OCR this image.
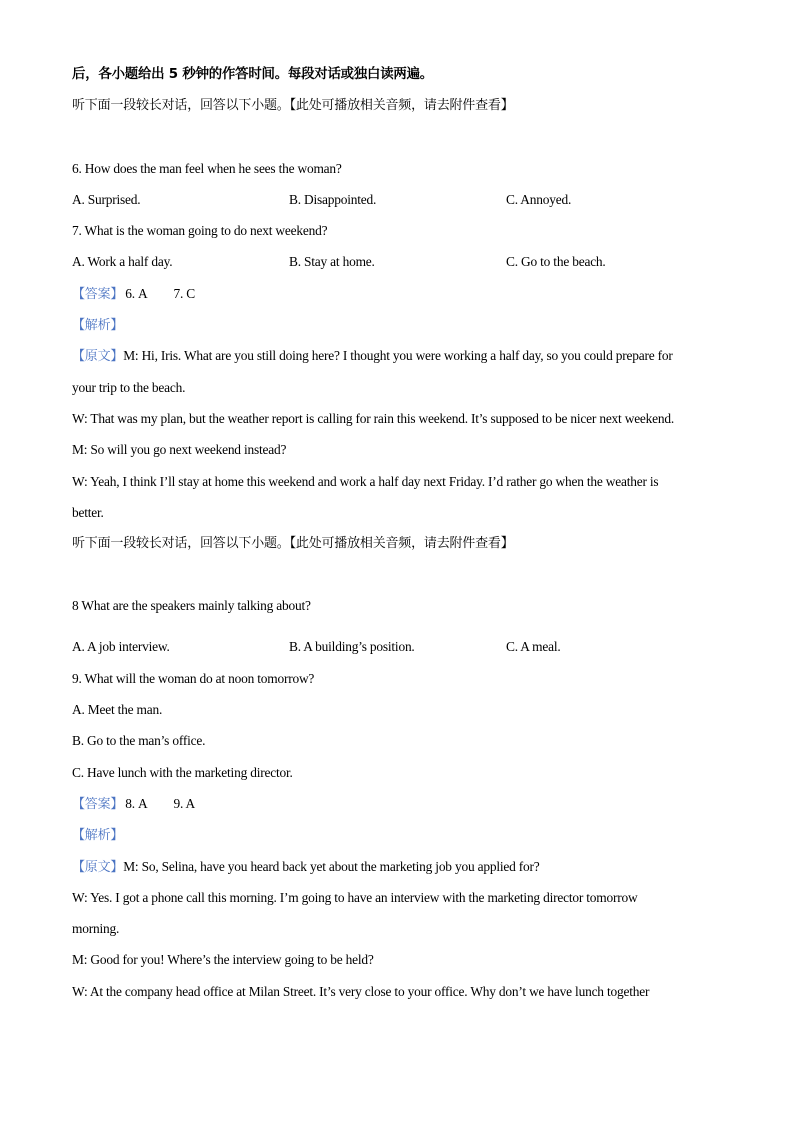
后，各小题给出 5 秒钟的作答时间。每段对话或独白读两遍。
听下面一段较长对话，回答以下小题。【此处可播放相关音频，请去附件查看】
6. How does the man feel when he sees the woman?
A. Surprised.	B. Disappointed.	C. Annoyed.
7. What is the woman going to do next weekend?
A. Work a half day.	B. Stay at home.	C. Go to the beach.
【答案】 6. A 7. C
【解析】
【原文】M: Hi, Iris. What are you still doing here? I thought you were working a half day, so you could prepare for
your trip to the beach.
W: That was my plan, but the weather report is calling for rain this weekend. It’s supposed to be nicer next weekend.
M: So will you go next weekend instead?
W: Yeah, I think I’ll stay at home this weekend and work a half day next Friday. I’d rather go when the weather is
better.
听下面一段较长对话，回答以下小题。【此处可播放相关音频，请去附件查看】
8 What are the speakers mainly talking about?
A. A job interview.	B. A building’s position.	C. A meal.
9. What will the woman do at noon tomorrow?
A. Meet the man.
B. Go to the man’s office.
C. Have lunch with the marketing director.
【答案】 8. A 9. A
【解析】
【原文】M: So, Selina, have you heard back yet about the marketing job you applied for?
W: Yes. I got a phone call this morning. I’m going to have an interview with the marketing director tomorrow
morning.
M: Good for you! Where’s the interview going to be held?
W: At the company head office at Milan Street. It’s very close to your office. Why don’t we have lunch together
